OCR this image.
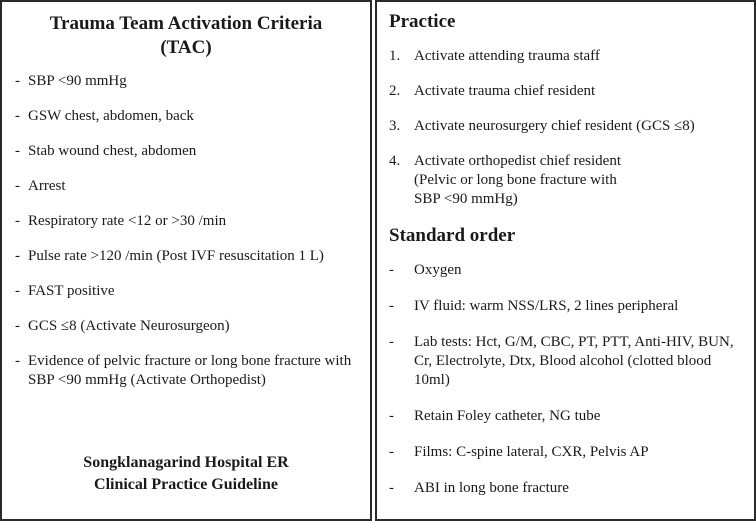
Trauma Team Activation Criteria
(TAC)
- SBP <90 mmHg
- GSW chest, abdomen, back
- Stab wound chest, abdomen
- Arrest
- Respiratory rate <12 or >30 /min
- Pulse rate >120 /min (Post IVF resuscitation 1 L)
- FAST positive
- GCS ≤8 (Activate Neurosurgeon)
- Evidence of pelvic fracture or long bone fracture with SBP <90 mmHg (Activate Orthopedist)
Songklanagarind Hospital ER
Clinical Practice Guideline
Practice
1. Activate attending trauma staff
2. Activate trauma chief resident
3. Activate neurosurgery chief resident (GCS ≤8)
4. Activate orthopedist chief resident
(Pelvic or long bone fracture with
SBP <90 mmHg)
Standard order
-	Oxygen
-	IV fluid: warm NSS/LRS, 2 lines peripheral
-	Lab tests: Hct, G/M, CBC, PT, PTT, Anti-HIV, BUN, Cr, Electrolyte, Dtx, Blood alcohol (clotted blood 10ml)
-	Retain Foley catheter, NG tube
-	Films: C-spine lateral, CXR, Pelvis AP
-	ABI in long bone fracture
